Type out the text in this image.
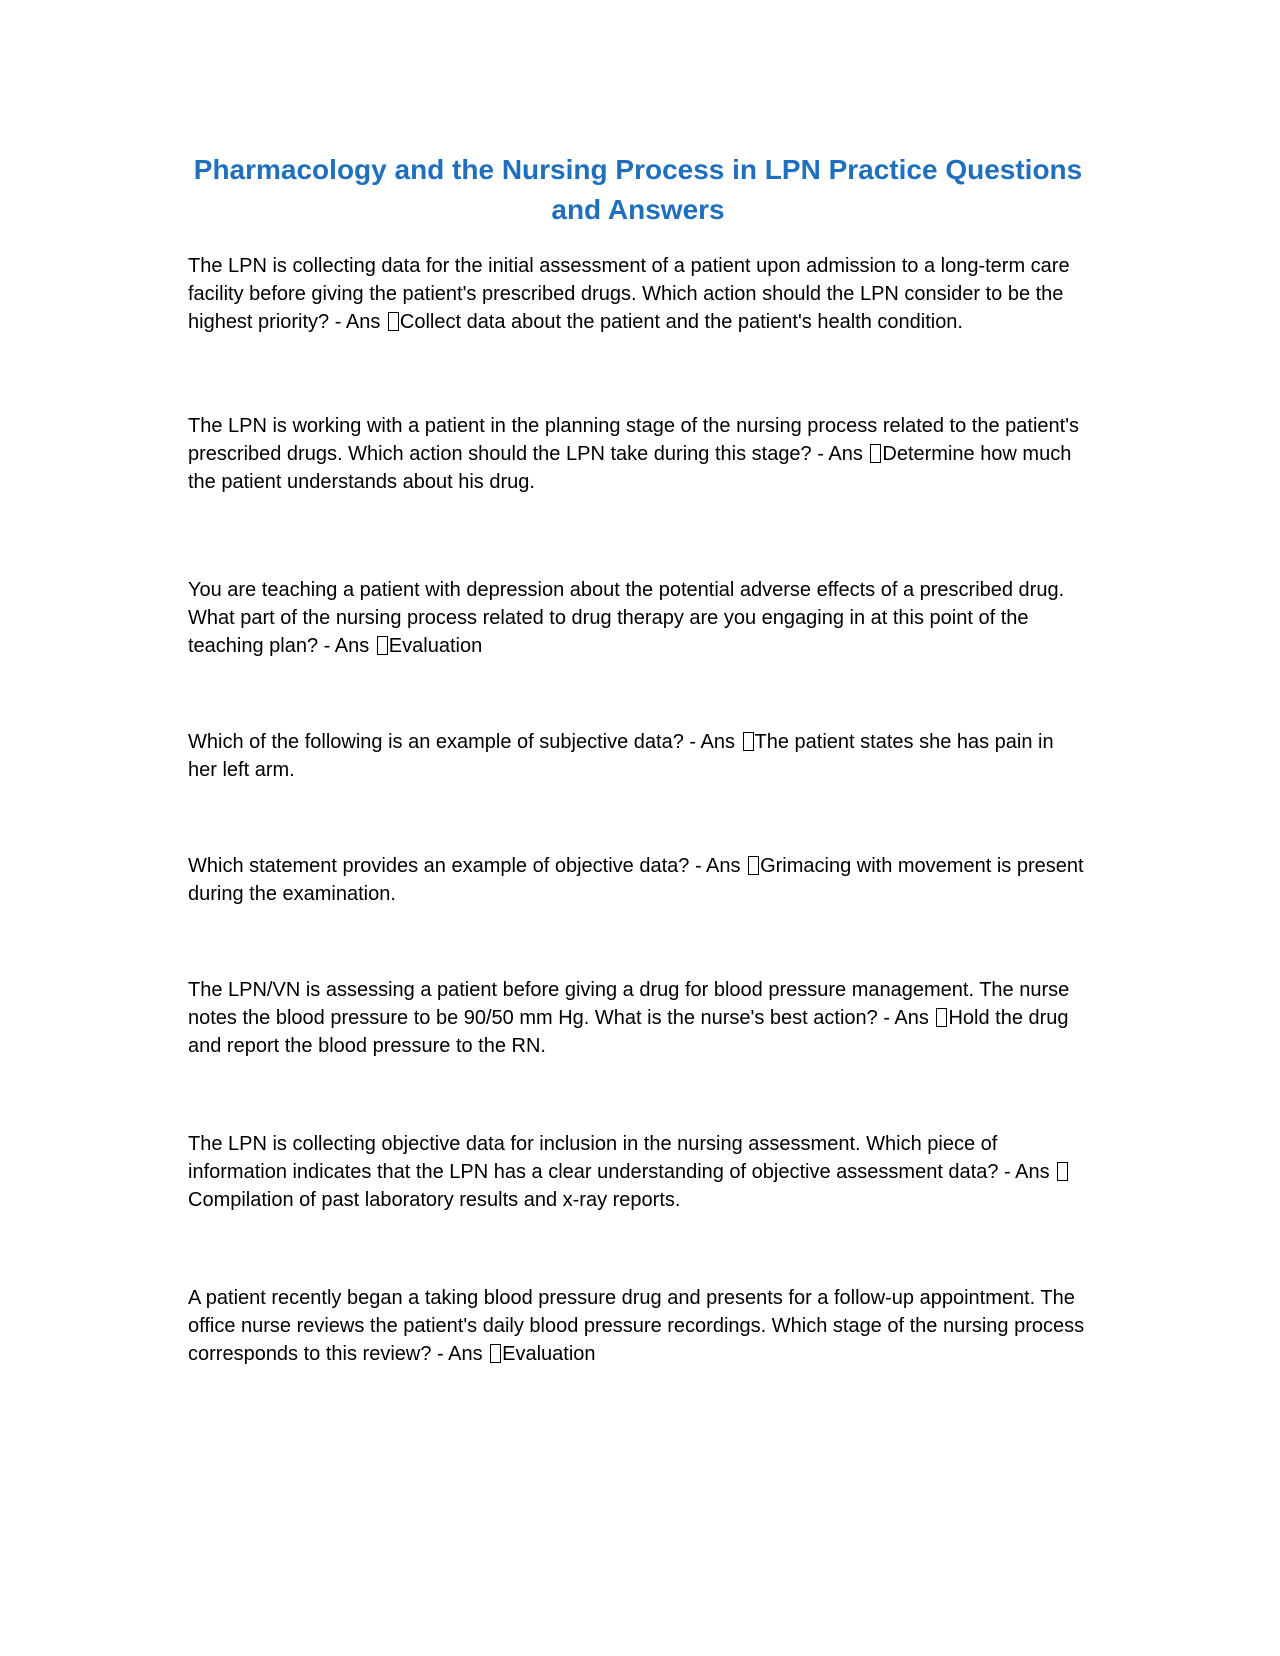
Pharmacology and the Nursing Process in LPN Practice Questions and Answers

The LPN is collecting data for the initial assessment of a patient upon admission to a long-term care facility before giving the patient's prescribed drugs. Which action should the LPN consider to be the highest priority? - Ans Collect data about the patient and the patient's health condition.

The LPN is working with a patient in the planning stage of the nursing process related to the patient's prescribed drugs. Which action should the LPN take during this stage? - Ans Determine how much the patient understands about his drug.

You are teaching a patient with depression about the potential adverse effects of a prescribed drug. What part of the nursing process related to drug therapy are you engaging in at this point of the teaching plan? - Ans Evaluation

Which of the following is an example of subjective data? - Ans The patient states she has pain in her left arm.

Which statement provides an example of objective data? - Ans Grimacing with movement is present during the examination.

The LPN/VN is assessing a patient before giving a drug for blood pressure management. The nurse notes the blood pressure to be 90/50 mm Hg. What is the nurse's best action? - Ans Hold the drug and report the blood pressure to the RN.

The LPN is collecting objective data for inclusion in the nursing assessment. Which piece of information indicates that the LPN has a clear understanding of objective assessment data? - Ans Compilation of past laboratory results and x-ray reports.

A patient recently began a taking blood pressure drug and presents for a follow-up appointment. The office nurse reviews the patient's daily blood pressure recordings. Which stage of the nursing process corresponds to this review? - Ans Evaluation
